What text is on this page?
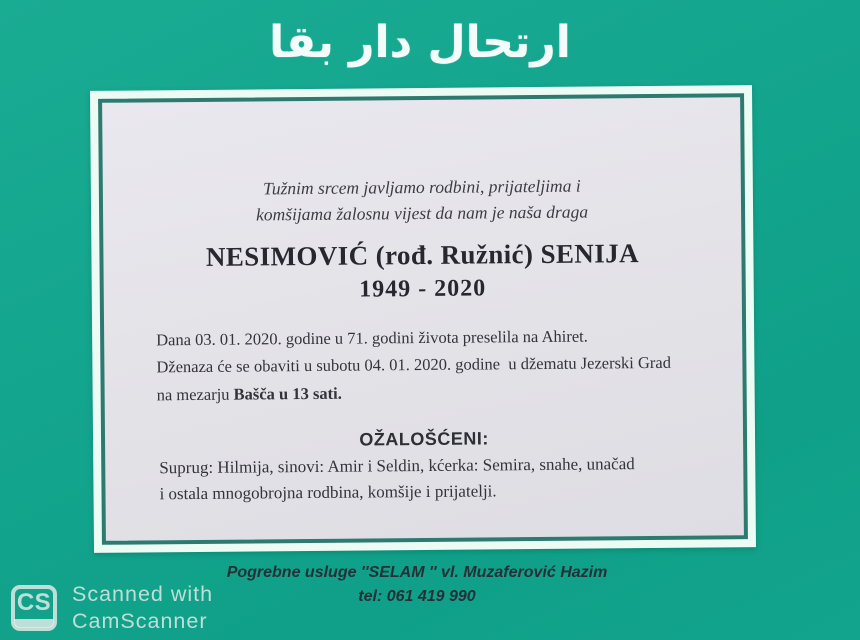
ارتحال دار بقا
Tužnim srcem javljamo rodbini, prijateljima i
komšijama žalosnu vijest da nam je naša draga
NESIMOVIĆ (rođ. Ružnić) SENIJA
1949 - 2020
Dana 03. 01. 2020. godine u 71. godini života preselila na Ahiret.
Dženaza će se obaviti u subotu 04. 01. 2020. godine  u džematu Jezerski Grad
na mezarju Bašča u 13 sati.
OŽALOŠĆENI:
Suprug: Hilmija, sinovi: Amir i Seldin, kćerka: Semira, snahe, unačad
i ostala mnogobrojna rodbina, komšije i prijatelji.
Pogrebne usluge ''SELAM '' vl. Muzaferović Hazim
tel: 061 419 990
CS Scanned with
CamScanner
